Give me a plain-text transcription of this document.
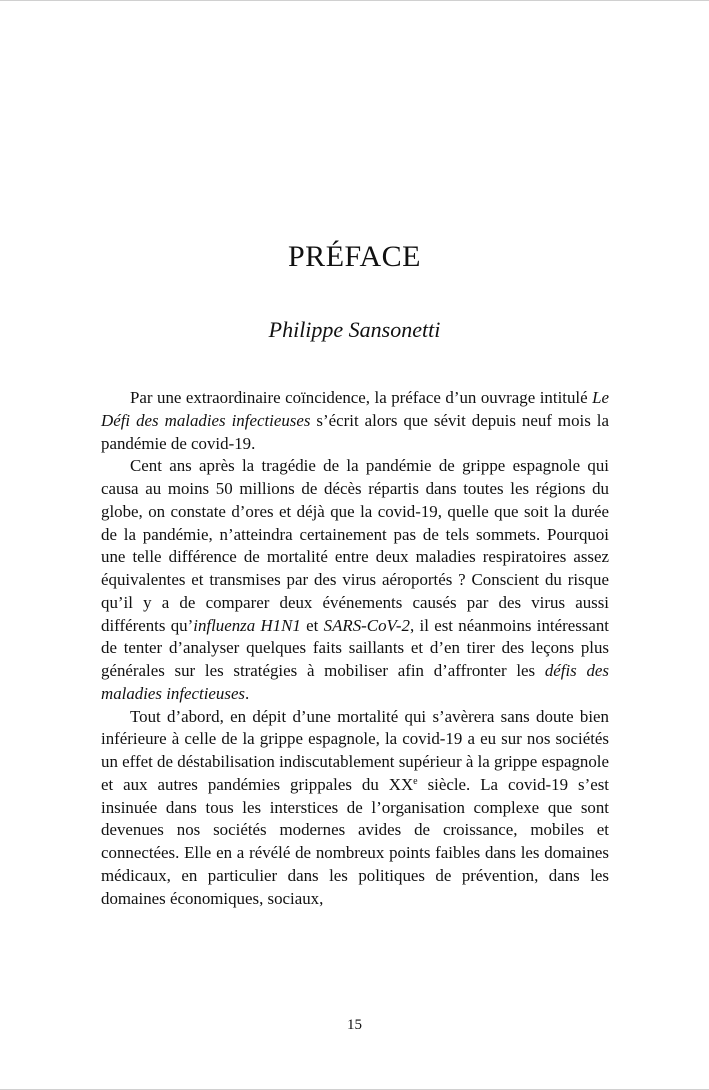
PRÉFACE

Philippe Sansonetti

Par une extraordinaire coïncidence, la préface d’un ouvrage intitulé Le Défi des maladies infectieuses s’écrit alors que sévit depuis neuf mois la pandémie de covid-19.

Cent ans après la tragédie de la pandémie de grippe espagnole qui causa au moins 50 millions de décès répartis dans toutes les régions du globe, on constate d’ores et déjà que la covid-19, quelle que soit la durée de la pandémie, n’atteindra certainement pas de tels sommets. Pourquoi une telle différence de mortalité entre deux maladies respiratoires assez équivalentes et transmises par des virus aéroportés ? Conscient du risque qu’il y a de comparer deux événements causés par des virus aussi différents qu’influenza H1N1 et SARS-CoV-2, il est néanmoins intéressant de tenter d’analyser quelques faits saillants et d’en tirer des leçons plus générales sur les stratégies à mobiliser afin d’affronter les défis des maladies infectieuses.

Tout d’abord, en dépit d’une mortalité qui s’avèrera sans doute bien inférieure à celle de la grippe espagnole, la covid-19 a eu sur nos sociétés un effet de déstabilisation indiscutablement supérieur à la grippe espagnole et aux autres pandémies grippales du XXe siècle. La covid-19 s’est insinuée dans tous les interstices de l’organisation complexe que sont devenues nos sociétés modernes avides de croissance, mobiles et connectées. Elle en a révélé de nombreux points faibles dans les domaines médicaux, en particulier dans les politiques de prévention, dans les domaines économiques, sociaux,

15
